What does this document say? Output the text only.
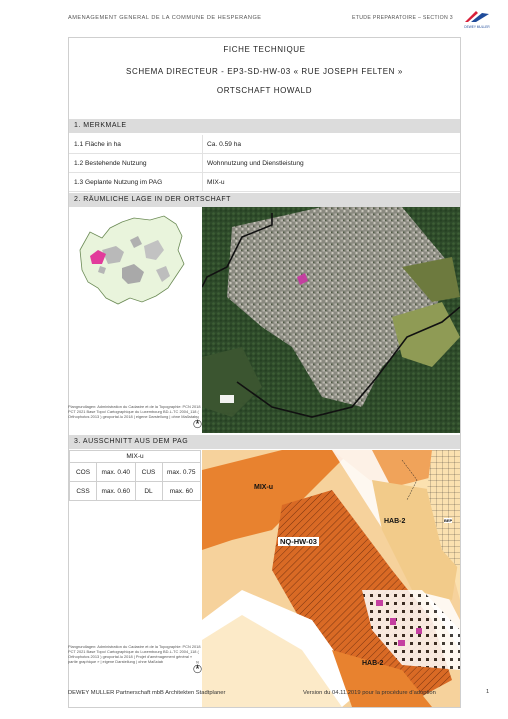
AMENAGEMENT GENERAL DE LA COMMUNE DE HESPERANGE	ETUDE PREPARATOIRE – SECTION 3
DEWEY MULLER
FICHE TECHNIQUE
SCHEMA DIRECTEUR - EP3-SD-HW-03 « RUE JOSEPH FELTEN »
ORTSCHAFT HOWALD
1. MERKMALE
1.1 Fläche in ha	Ca. 0.59 ha
1.2 Bestehende Nutzung	Wohnnutzung und Dienstleistung
1.3 Geplante Nutzung im PAG	MIX-u
2. RÄUMLICHE LAGE IN DER ORTSCHAFT
Plangrundlagen: Administration du Cadastre et de la Topographie: PCN 2018 PCT 2021 Base Topo/ Cartographique du Luxembourg BD-L-TC 2004_118 ( Orthophotos 2013 ) geoportal.lu 2018 | eigene Darstellung | ohne Maßstab N
3. AUSSCHNITT AUS DEM PAG
MIX-u			
COS	max. 0.40	CUS	max. 0.75
CSS	max. 0.60	DL	max. 60	MIX-u
NQ-HW-03
HAB-2
HAB-2
BEP
Plangrundlagen: Administration du Cadastre et de la Topographie: PCN 2018 PCT 2021 Base Topo/ Cartographique du Luxembourg BD-L-TC 2004_118 ( Orthophotos 2013 ) geoportal.lu 2018 | Projet d'aménagement général « partie graphique » | eigene Darstellung | ohne Maßstab	N
DEWEY MULLER Partnerschaft mbB Architekten Stadtplaner	Version du 04.11.2019 pour la procédure d'adoption	1
